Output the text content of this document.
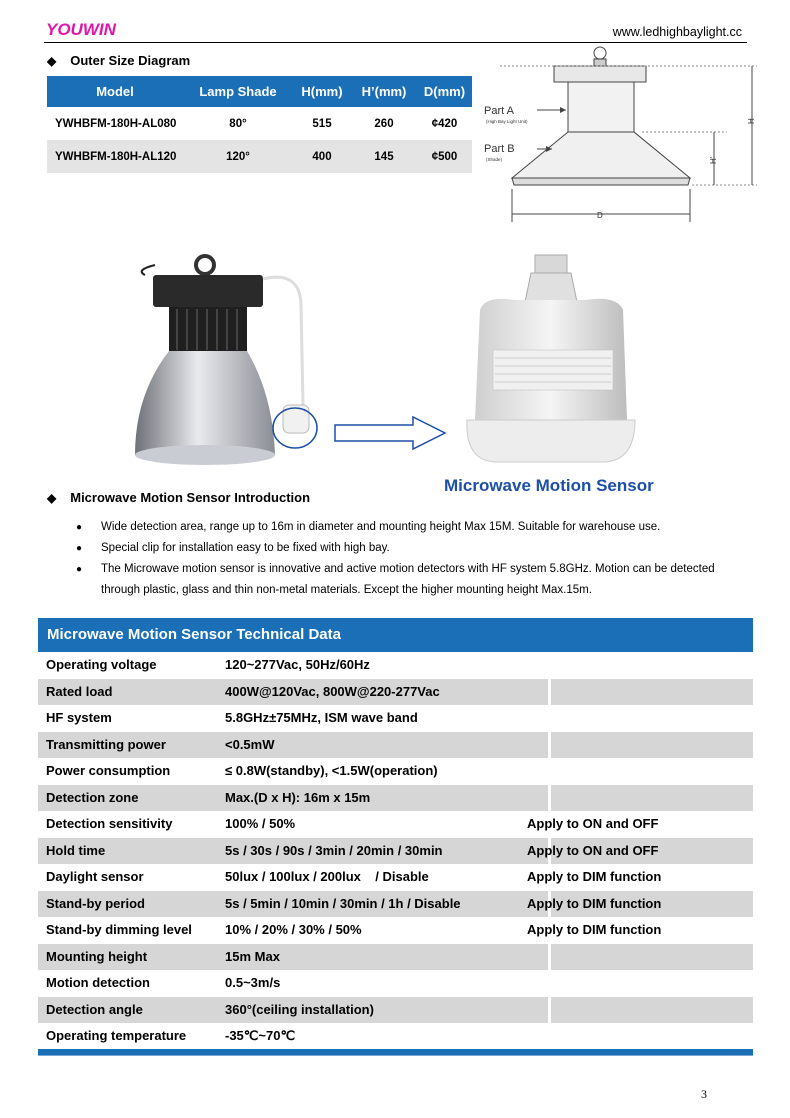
YOUWIN	www.ledhighbaylight.cc
◆ Outer Size Diagram
Model	Lamp Shade	H(mm)	H’(mm)	D(mm)
YWHBFM-180H-AL080	80°	515	260	¢420
YWHBFM-180H-AL120	120°	400	145	¢500
Part A
(High Bay Light Unit)
Part B
(Shade)
H
H'
D
Microwave Motion Sensor
◆ Microwave Motion Sensor Introduction
● Wide detection area, range up to 16m in diameter and mounting height Max 15M. Suitable for warehouse use.
● Special clip for installation easy to be fixed with high bay.
● The Microwave motion sensor is innovative and active motion detectors with HF system 5.8GHz. Motion can be detected through plastic, glass and thin non-metal materials. Except the higher mounting height Max.15m.
Microwave Motion Sensor Technical Data
Operating voltage	120~277Vac, 50Hz/60Hz
Rated load	400W@120Vac, 800W@220-277Vac
HF system	5.8GHz±75MHz, ISM wave band
Transmitting power	<0.5mW
Power consumption	≤ 0.8W(standby), <1.5W(operation)
Detection zone	Max.(D x H): 16m x 15m
Detection sensitivity	100% / 50%	Apply to ON and OFF
Hold time	5s / 30s / 90s / 3min / 20min / 30min	Apply to ON and OFF
Daylight sensor	50lux / 100lux / 200lux    / Disable	Apply to DIM function
Stand-by period	5s / 5min / 10min / 30min / 1h / Disable	Apply to DIM function
Stand-by dimming level	10% / 20% / 30% / 50%	Apply to DIM function
Mounting height	15m Max
Motion detection	0.5~3m/s
Detection angle	360°(ceiling installation)
Operating temperature	-35℃~70℃
3
